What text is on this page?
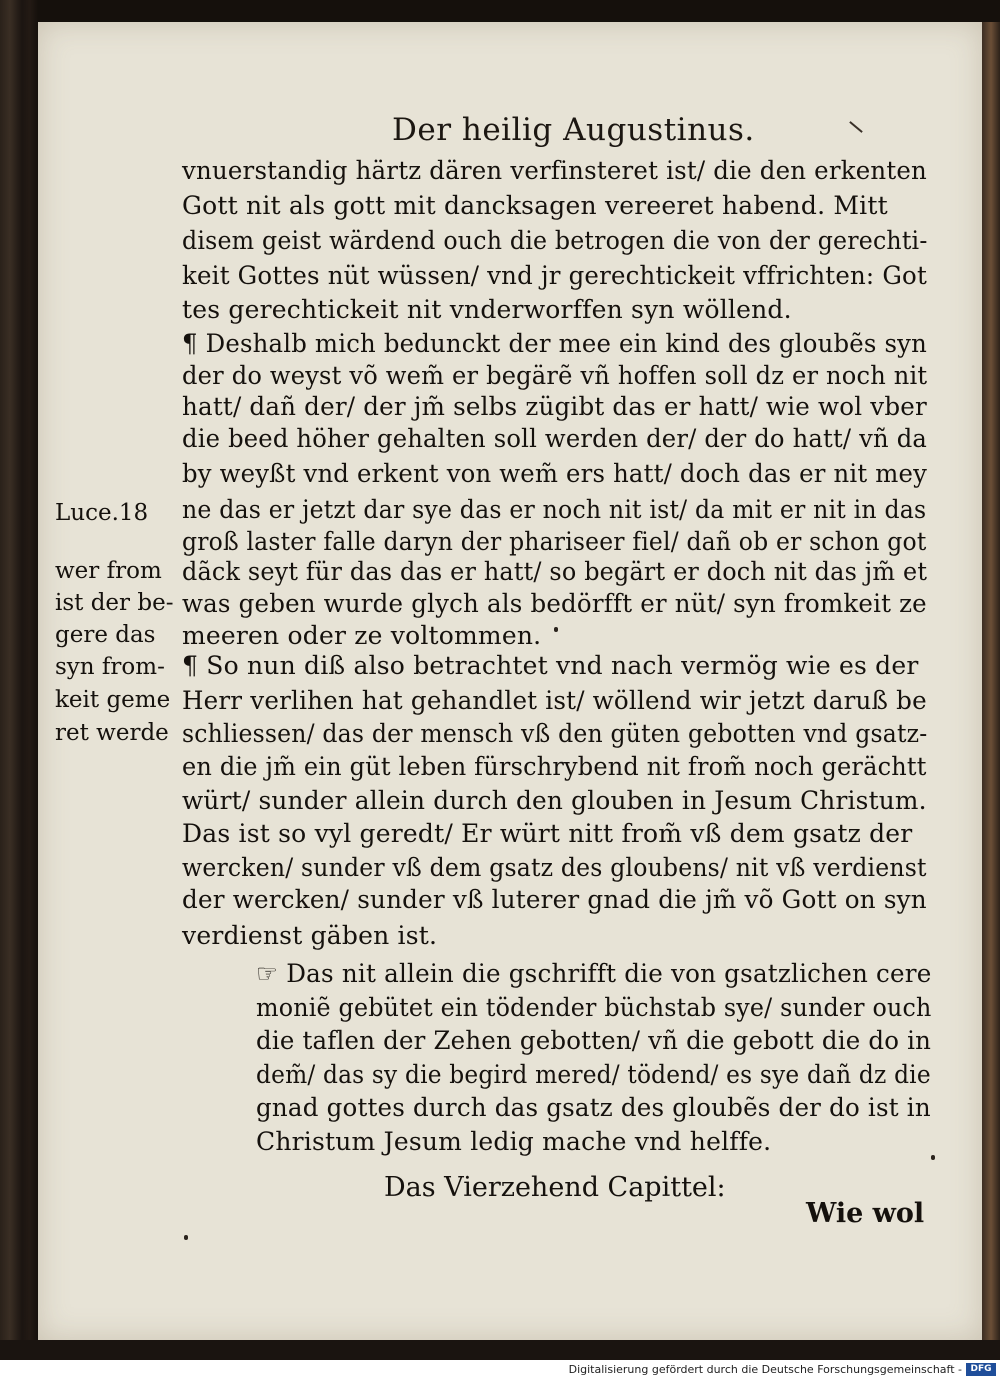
Der heilig Augustinus.
vnuerstandig härtz dären verfinsteret ist/ die den erkenten
Gott nit als gott mit dancksagen vereeret habend. Mitt
disem geist wärdend ouch die betrogen die von der gerechti-
keit Gottes nüt wüssen/ vnd jr gerechtickeit vffrichten: Got
tes gerechtickeit nit vnderworffen syn wöllend.
¶ Deshalb mich bedunckt der mee ein kind des gloubẽs syn
der do weyst võ wem̃ er begärẽ vñ hoffen soll dz er noch nit
hatt/ dañ der/ der jm̃ selbs zügibt das er hatt/ wie wol vber
die beed höher gehalten soll werden der/ der do hatt/ vñ da
by weyßt vnd erkent von wem̃ ers hatt/ doch das er nit mey
ne das er jetzt dar sye das er noch nit ist/ da mit er nit in das
groß laster falle daryn der phariseer fiel/ dañ ob er schon got
dãck seyt für das das er hatt/ so begärt er doch nit das jm̃ et
was geben wurde glych als bedörfft er nüt/ syn fromkeit ze
meeren oder ze voltommen.
¶ So nun diß also betrachtet vnd nach vermög wie es der
Herr verlihen hat gehandlet ist/ wöllend wir jetzt daruß be
schliessen/ das der mensch vß den güten gebotten vnd gsatz-
en die jm̃ ein güt leben fürschrybend nit from̃ noch gerächtt
würt/ sunder allein durch den glouben in Jesum Christum.
Das ist so vyl geredt/ Er würt nitt from̃ vß dem gsatz der
wercken/ sunder vß dem gsatz des gloubens/ nit vß verdienst
der wercken/ sunder vß luterer gnad die jm̃ võ Gott on syn
verdienst gäben ist.
☞ Das nit allein die gschrifft die von gsatzlichen cere
moniẽ gebütet ein tödender büchstab sye/ sunder ouch
die taflen der Zehen gebotten/ vñ die gebott die do in
dem̃/ das sy die begird mered/ tödend/ es sye dañ dz die
gnad gottes durch das gsatz des gloubẽs der do ist in
Christum Jesum ledig mache vnd helffe.
Luce.18
wer from
ist der be-
gere das
syn from-
keit geme
ret werde
Das Vierzehend Capittel:
Wie wol
Digitalisierung gefördert durch die Deutsche Forschungsgemeinschaft - DFG
